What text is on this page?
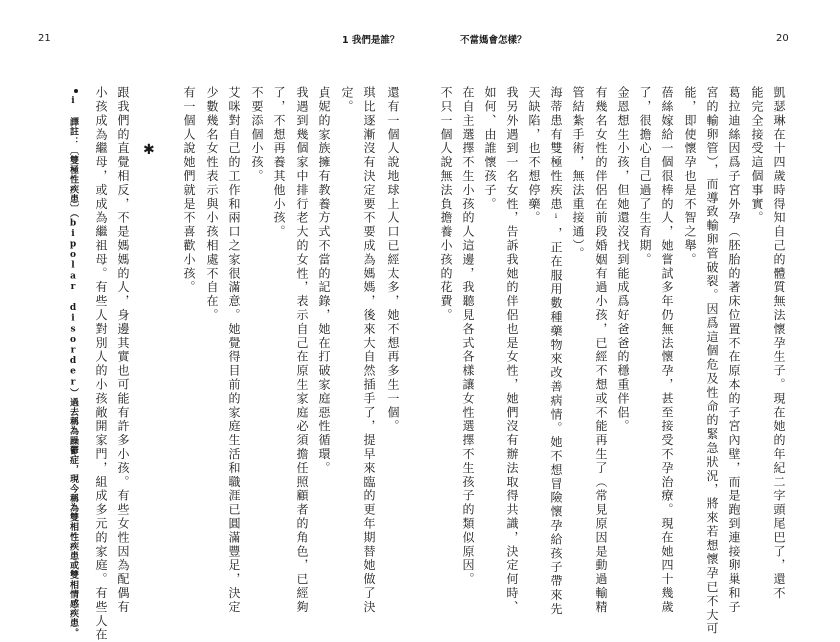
21	1 我們是誰？
i 譯註：〔雙極性疾患〕（bipolar disorder）過去稱為躁鬱症，現今稱為雙相性疾患或雙相情感疾患。	還有一個人說地球上人口已經太多，她不想再多生一個。
琪比逐漸沒有決定要不要成為媽媽，後來大自然插手了，提早來臨的更年期替她做了決
定。
貞妮的家族擁有教養方式不當的記錄，她在打破家庭惡性循環。
我遇到幾個家中排行老大的女性，表示自己在原生家庭必須擔任照顧者的角色，已經夠
了，不想再養其他小孩。
不要添個小孩。
艾咪對自己的工作和兩口之家很滿意。她覺得目前的家庭生活和職涯已圓滿豐足，決定
少數幾名女性表示與小孩相處不自在。
有一個人說她們就是不喜歡小孩。
✱
跟我們的直覺相反，不是媽媽的人，身邊其實也可能有許多小孩。有些女性因為配偶有
小孩成為繼母，或成為繼祖母。有些人對別人的小孩敞開家門，組成多元的家庭。有些人在
不當媽會怎樣？	20
凱瑟琳在十四歲時得知自己的體質無法懷孕生子。現在她的年紀二字頭尾巴了，還不
能完全接受這個事實。
葛拉迪絲因爲子宮外孕（胚胎的著床位置不在原本的子宮內壁，而是跑到連接卵巢和子
宮的輸卵管），而導致輸卵管破裂。因爲這個危及性命的緊急狀況，將來若想懷孕已不大可
能，即使懷孕也是不智之舉。
蓓絲嫁給一個很棒的人，她嘗試多年仍無法懷孕，甚至接受不孕治療。現在她四十幾歲
了，很擔心自己過了生育期。
金恩想生小孩，但她還沒找到能成爲好爸爸的穩重伴侶。
有幾名女性的伴侶在前段婚姻有過小孩，已經不想或不能再生了（常見原因是動過輸精
管結紮手術，無法重接通）。
海蒂患有雙極性疾患ⁱ，正在服用數種藥物來改善病情。她不想冒險懷孕給孩子帶來先
天缺陷，也不想停藥。
我另外遇到一名女性，告訴我她的伴侶也是女性，她們沒有辦法取得共識，決定何時、
如何、由誰懷孩子。
在自主選擇不生小孩的人這邊，我聽見各式各樣讓女性選擇不生孩子的類似原因。
不只一個人說無法負擔養小孩的花費。
